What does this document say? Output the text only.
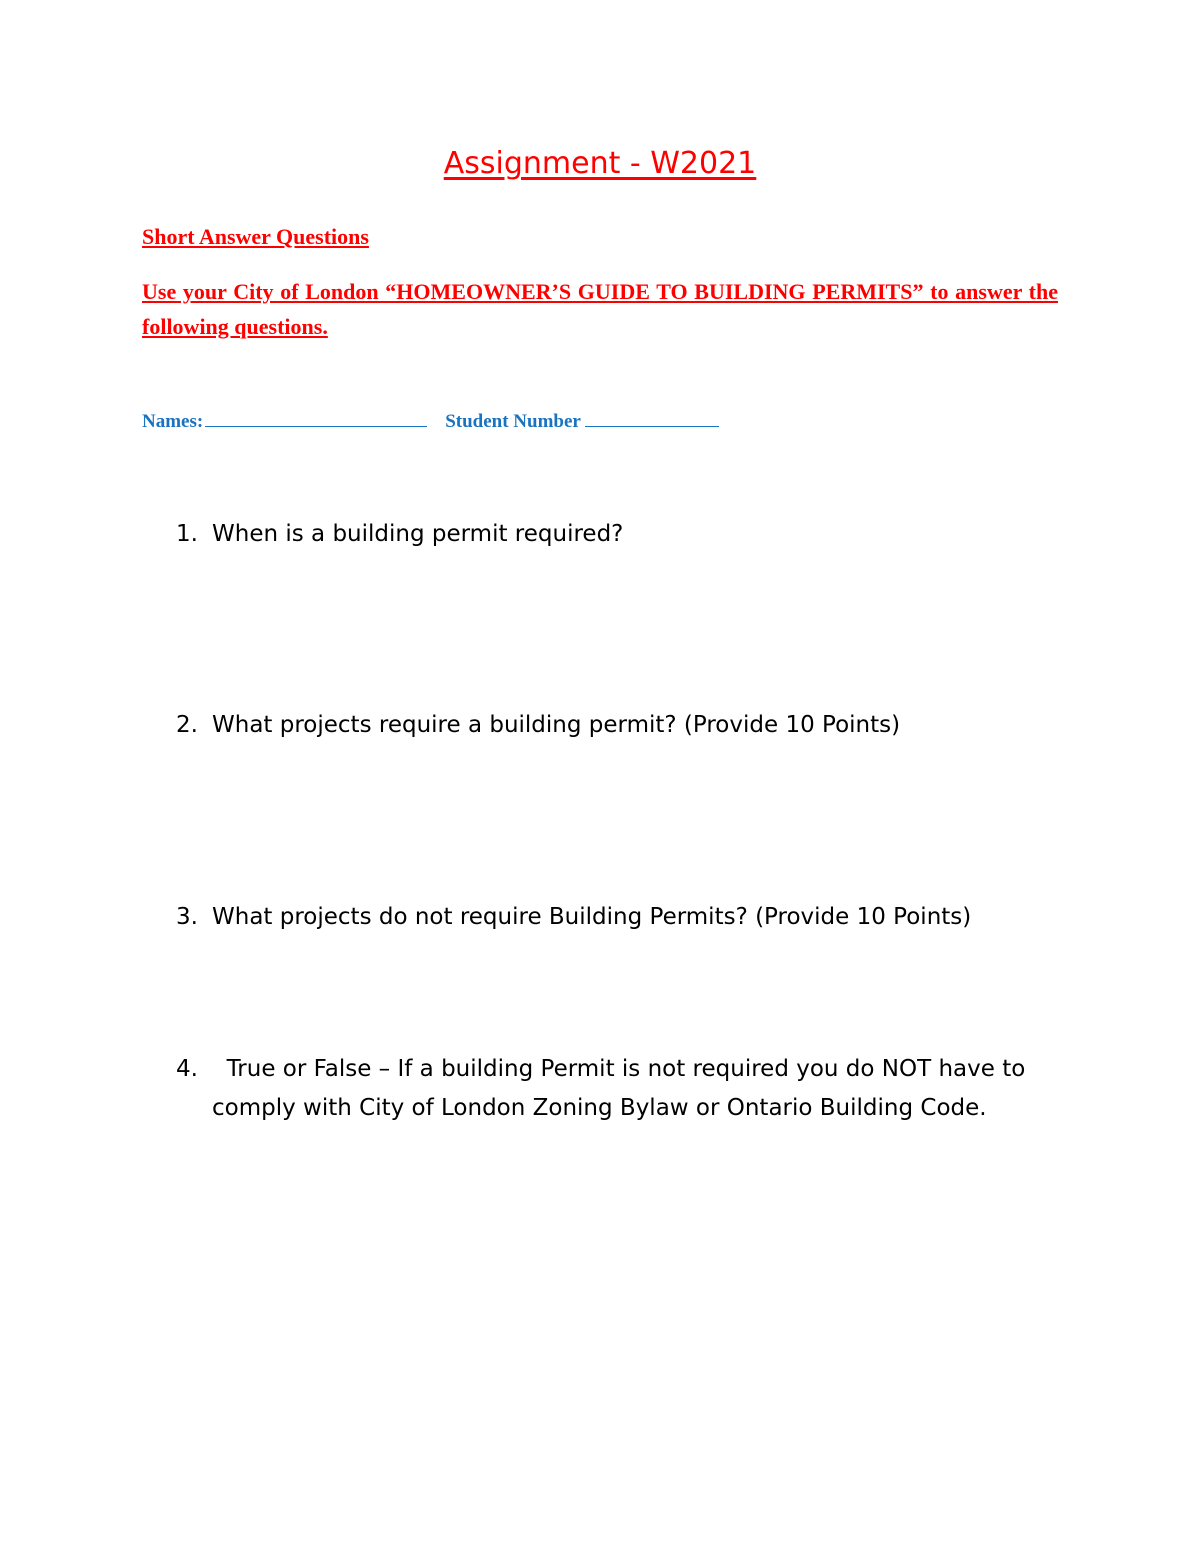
Assignment - W2021
Short Answer Questions
Use your City of London “HOMEOWNER’S GUIDE TO BUILDING PERMITS” to answer the following questions.
Names:	Student Number
1. When is a building permit required?
2. What projects require a building permit? (Provide 10 Points)
3. What projects do not require Building Permits? (Provide 10 Points)
4. True or False – If a building Permit is not required you do NOT have to comply with City of London Zoning Bylaw or Ontario Building Code.
